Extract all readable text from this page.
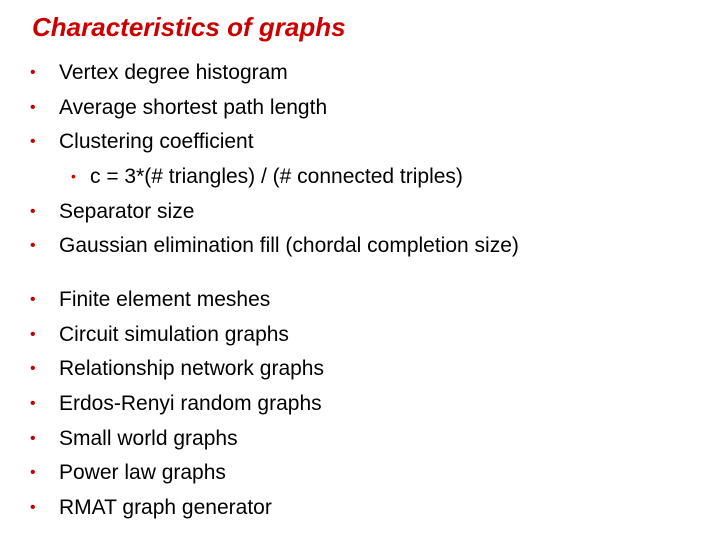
Characteristics of graphs
• Vertex degree histogram
• Average shortest path length
• Clustering coefficient
• c = 3*(# triangles) / (# connected triples)
• Separator size
• Gaussian elimination fill (chordal completion size)
• Finite element meshes
• Circuit simulation graphs
• Relationship network graphs
• Erdos-Renyi random graphs
• Small world graphs
• Power law graphs
• RMAT graph generator
